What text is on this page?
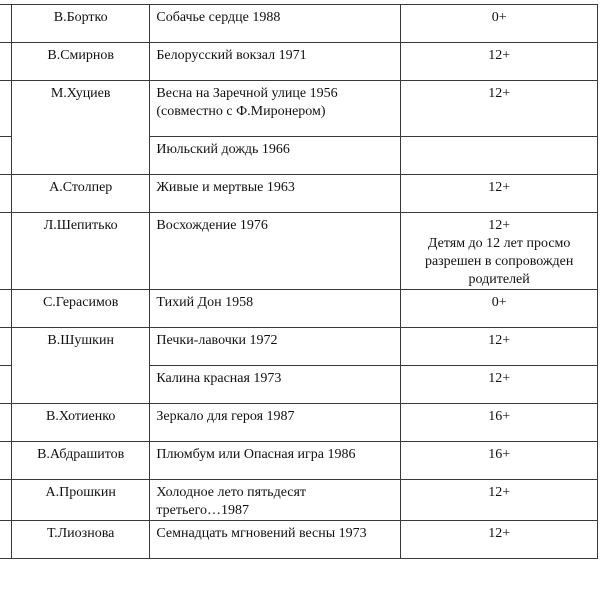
	В.Бортко	Собачье сердце 1988	0+
	В.Смирнов	Белорусский вокзал 1971	12+
	М.Хуциев	Весна на Заречной улице 1956
(совместно с Ф.Миронером)	12+
		Июльский дождь 1966	
	А.Столпер	Живые и мертвые 1963	12+
	Л.Шепитько	Восхождение 1976	12+
Детям до 12 лет просмо
разрешен в сопровожден
родителей

	С.Герасимов	Тихий Дон 1958	0+
	В.Шушкин	Печки-лавочки 1972	12+
		Калина красная 1973	12+
	В.Хотиенко	Зеркало для героя 1987	16+
	В.Абдрашитов	Плюмбум или Опасная игра 1986	16+
	А.Прошкин	Холодное лето пятьдесят
третьего…1987	12+
	Т.Лиознова	Семнадцать мгновений весны 1973	12+
